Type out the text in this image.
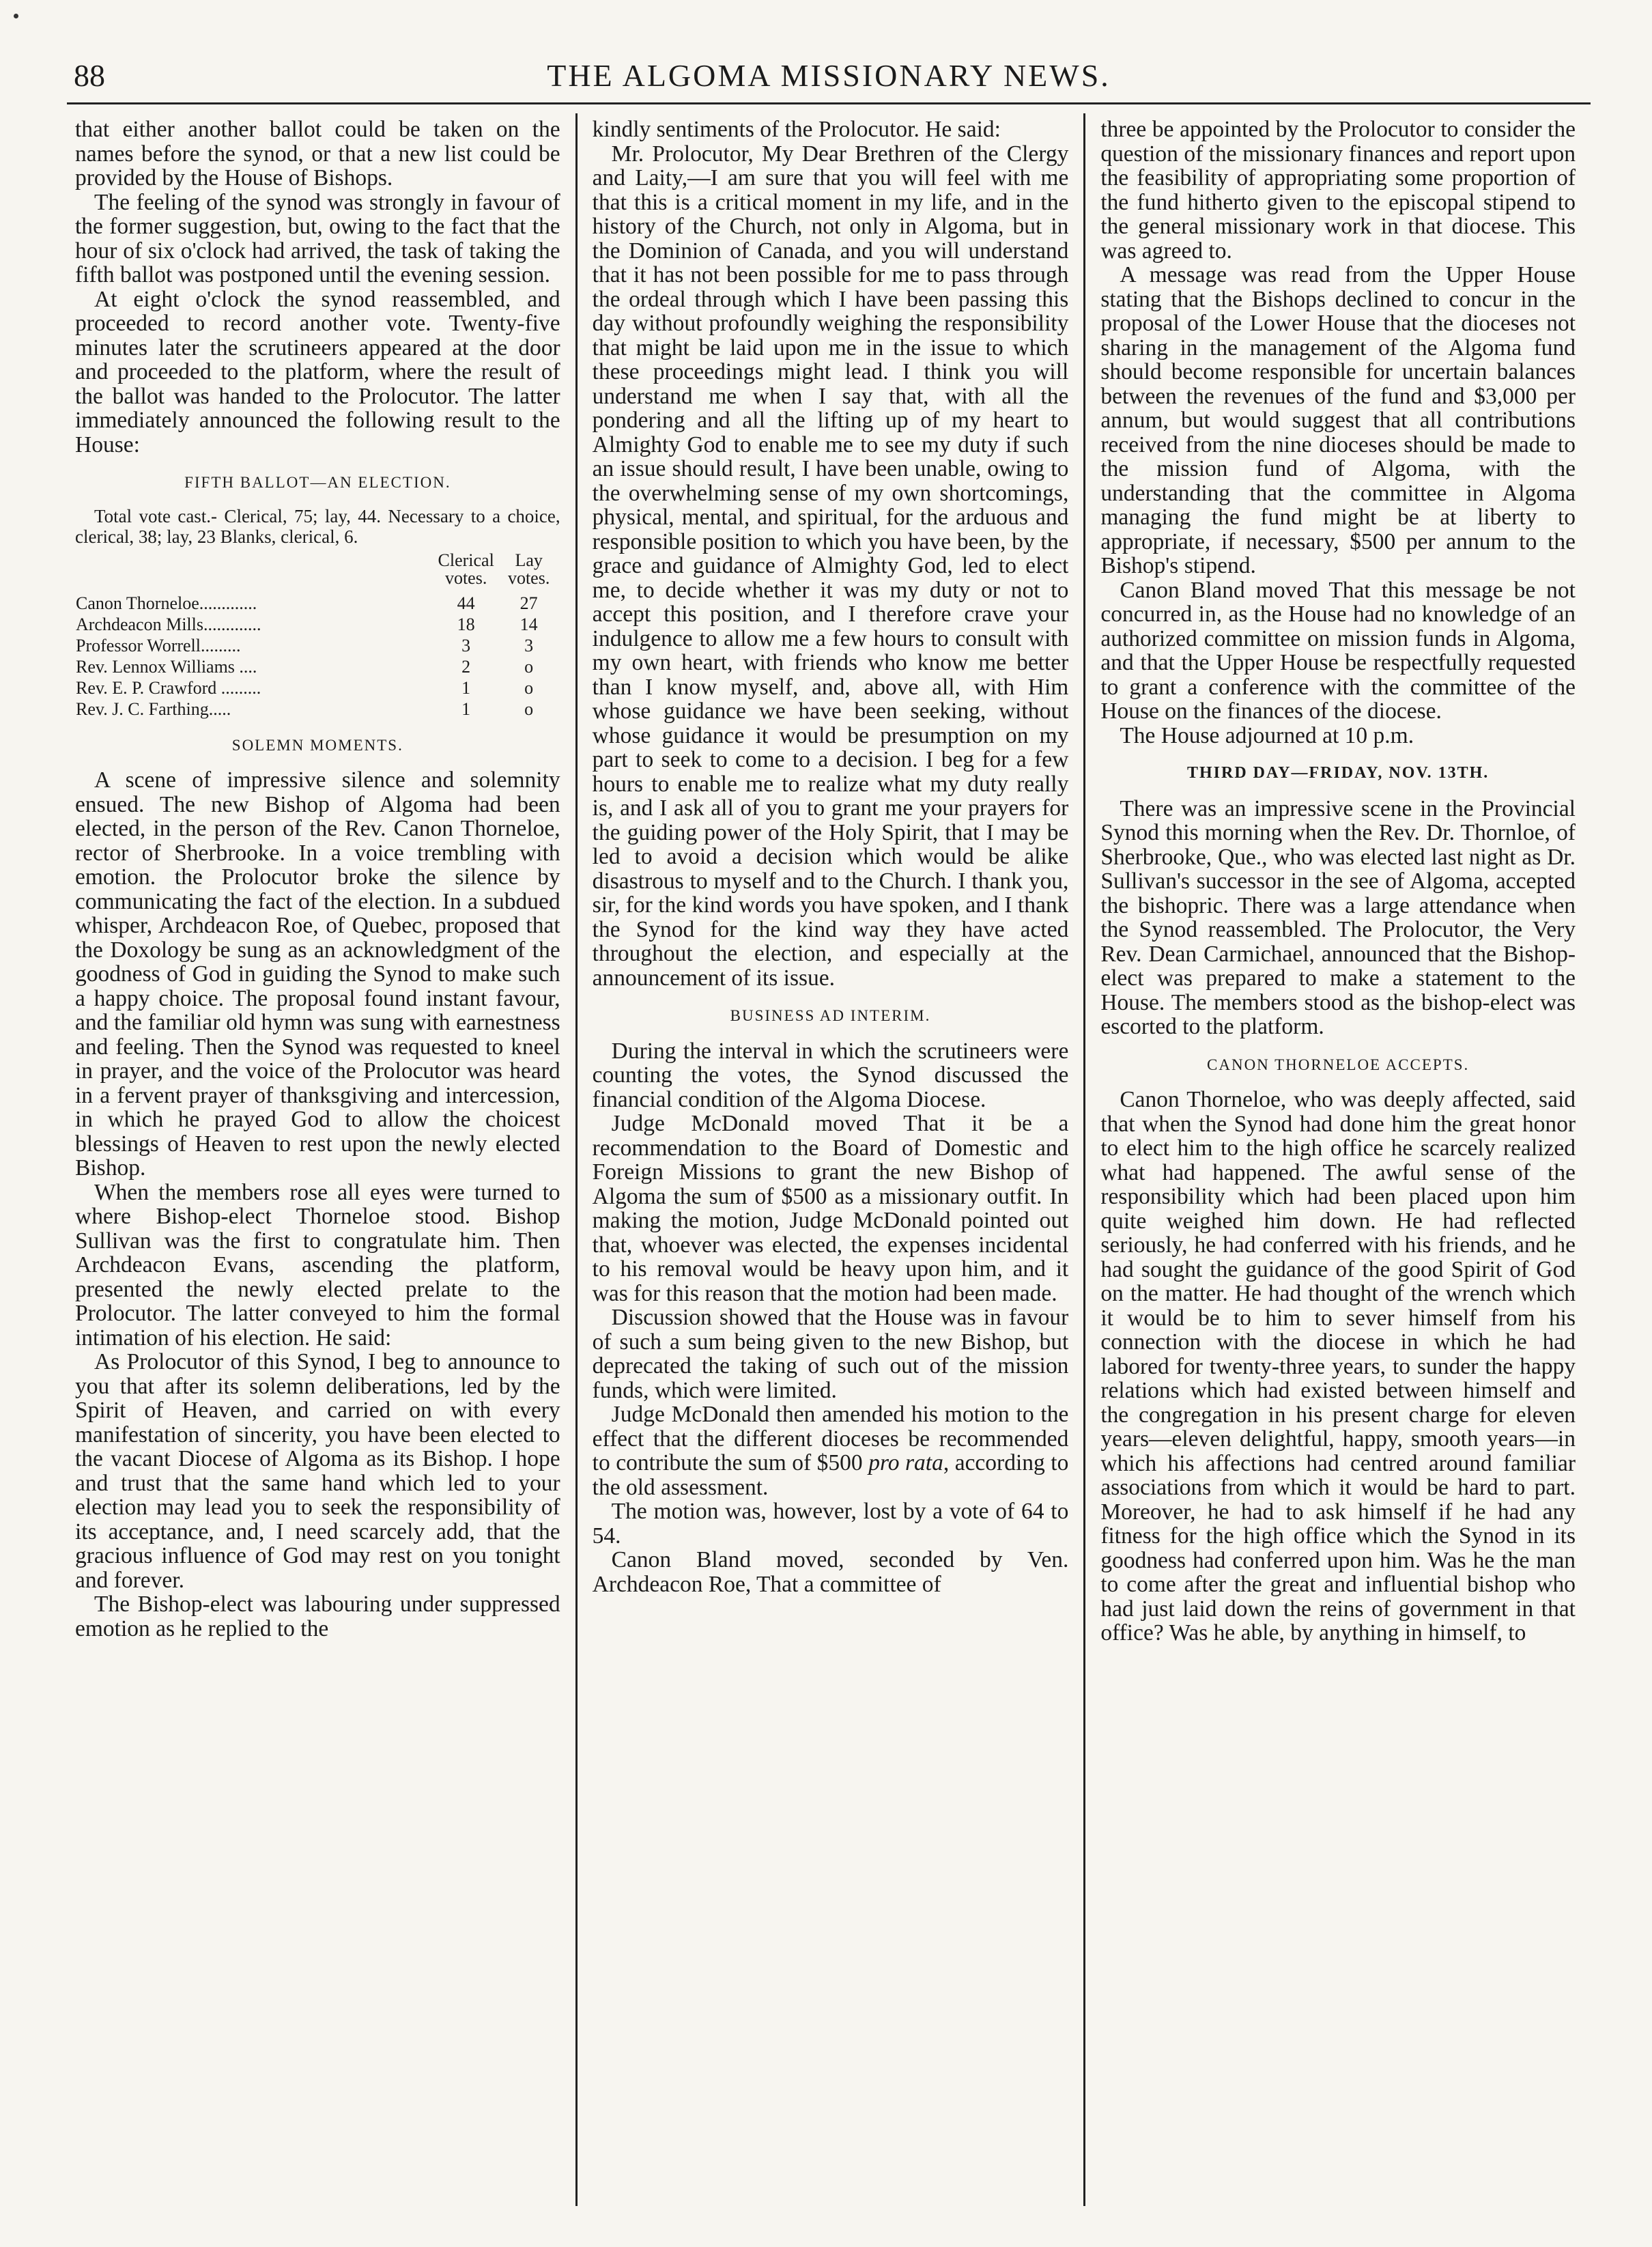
88	THE ALGOMA MISSIONARY NEWS.

that either another ballot could be taken on the names before the synod, or that a new list could be provided by the House of Bishops.

The feeling of the synod was strongly in favour of the former suggestion, but, owing to the fact that the hour of six o'clock had arrived, the task of taking the fifth ballot was postponed until the evening session.

At eight o'clock the synod reassembled, and proceeded to record another vote. Twenty-five minutes later the scrutineers appeared at the door and proceeded to the platform, where the result of the ballot was handed to the Prolocutor. The latter immediately announced the following result to the House:

FIFTH BALLOT—AN ELECTION.

Total vote cast.- Clerical, 75; lay, 44. Necessary to a choice, clerical, 38; lay, 23 Blanks, clerical, 6.

	Clerical votes.	Lay votes.
Canon Thorneloe.............	44	27
Archdeacon Mills.............	18	14
Professor Worrell.........	3	3
Rev. Lennox Williams ....	2	o
Rev. E. P. Crawford .........	1	o
Rev. J. C. Farthing.....	1	o
SOLEMN MOMENTS.

A scene of impressive silence and solemnity ensued. The new Bishop of Algoma had been elected, in the person of the Rev. Canon Thorneloe, rector of Sherbrooke. In a voice trembling with emotion. the Prolocutor broke the silence by communicating the fact of the election. In a subdued whisper, Archdeacon Roe, of Quebec, proposed that the Doxology be sung as an acknowledgment of the goodness of God in guiding the Synod to make such a happy choice. The proposal found instant favour, and the familiar old hymn was sung with earnestness and feeling. Then the Synod was requested to kneel in prayer, and the voice of the Prolocutor was heard in a fervent prayer of thanksgiving and intercession, in which he prayed God to allow the choicest blessings of Heaven to rest upon the newly elected Bishop.

When the members rose all eyes were turned to where Bishop-elect Thorneloe stood. Bishop Sullivan was the first to congratulate him. Then Archdeacon Evans, ascending the platform, presented the newly elected prelate to the Prolocutor. The latter conveyed to him the formal intimation of his election. He said:

As Prolocutor of this Synod, I beg to announce to you that after its solemn deliberations, led by the Spirit of Heaven, and carried on with every manifestation of sincerity, you have been elected to the vacant Diocese of Algoma as its Bishop. I hope and trust that the same hand which led to your election may lead you to seek the responsibility of its acceptance, and, I need scarcely add, that the gracious influence of God may rest on you tonight and forever.

The Bishop-elect was labouring under suppressed emotion as he replied to the

kindly sentiments of the Prolocutor. He said:

Mr. Prolocutor, My Dear Brethren of the Clergy and Laity,—I am sure that you will feel with me that this is a critical moment in my life, and in the history of the Church, not only in Algoma, but in the Dominion of Canada, and you will understand that it has not been possible for me to pass through the ordeal through which I have been passing this day without profoundly weighing the responsibility that might be laid upon me in the issue to which these proceedings might lead. I think you will understand me when I say that, with all the pondering and all the lifting up of my heart to Almighty God to enable me to see my duty if such an issue should result, I have been unable, owing to the overwhelming sense of my own shortcomings, physical, mental, and spiritual, for the arduous and responsible position to which you have been, by the grace and guidance of Almighty God, led to elect me, to decide whether it was my duty or not to accept this position, and I therefore crave your indulgence to allow me a few hours to consult with my own heart, with friends who know me better than I know myself, and, above all, with Him whose guidance we have been seeking, without whose guidance it would be presumption on my part to seek to come to a decision. I beg for a few hours to enable me to realize what my duty really is, and I ask all of you to grant me your prayers for the guiding power of the Holy Spirit, that I may be led to avoid a decision which would be alike disastrous to myself and to the Church. I thank you, sir, for the kind words you have spoken, and I thank the Synod for the kind way they have acted throughout the election, and especially at the announcement of its issue.

BUSINESS AD INTERIM.

During the interval in which the scrutineers were counting the votes, the Synod discussed the financial condition of the Algoma Diocese.

Judge McDonald moved That it be a recommendation to the Board of Domestic and Foreign Missions to grant the new Bishop of Algoma the sum of $500 as a missionary outfit. In making the motion, Judge McDonald pointed out that, whoever was elected, the expenses incidental to his removal would be heavy upon him, and it was for this reason that the motion had been made.

Discussion showed that the House was in favour of such a sum being given to the new Bishop, but deprecated the taking of such out of the mission funds, which were limited.

Judge McDonald then amended his motion to the effect that the different dioceses be recommended to contribute the sum of $500 pro rata, according to the old assessment.

The motion was, however, lost by a vote of 64 to 54.

Canon Bland moved, seconded by Ven. Archdeacon Roe, That a committee of

three be appointed by the Prolocutor to consider the question of the missionary finances and report upon the feasibility of appropriating some proportion of the fund hitherto given to the episcopal stipend to the general missionary work in that diocese. This was agreed to.

A message was read from the Upper House stating that the Bishops declined to concur in the proposal of the Lower House that the dioceses not sharing in the management of the Algoma fund should become responsible for uncertain balances between the revenues of the fund and $3,000 per annum, but would suggest that all contributions received from the nine dioceses should be made to the mission fund of Algoma, with the understanding that the committee in Algoma managing the fund might be at liberty to appropriate, if necessary, $500 per annum to the Bishop's stipend.

Canon Bland moved That this message be not concurred in, as the House had no knowledge of an authorized committee on mission funds in Algoma, and that the Upper House be respectfully requested to grant a conference with the committee of the House on the finances of the diocese.

The House adjourned at 10 p.m.

THIRD DAY—FRIDAY, NOV. 13TH.

There was an impressive scene in the Provincial Synod this morning when the Rev. Dr. Thornloe, of Sherbrooke, Que., who was elected last night as Dr. Sullivan's successor in the see of Algoma, accepted the bishopric. There was a large attendance when the Synod reassembled. The Prolocutor, the Very Rev. Dean Carmichael, announced that the Bishop-elect was prepared to make a statement to the House. The members stood as the bishop-elect was escorted to the platform.

CANON THORNELOE ACCEPTS.

Canon Thorneloe, who was deeply affected, said that when the Synod had done him the great honor to elect him to the high office he scarcely realized what had happened. The awful sense of the responsibility which had been placed upon him quite weighed him down. He had reflected seriously, he had conferred with his friends, and he had sought the guidance of the good Spirit of God on the matter. He had thought of the wrench which it would be to him to sever himself from his connection with the diocese in which he had labored for twenty-three years, to sunder the happy relations which had existed between himself and the congregation in his present charge for eleven years—eleven delightful, happy, smooth years—in which his affections had centred around familiar associations from which it would be hard to part. Moreover, he had to ask himself if he had any fitness for the high office which the Synod in its goodness had conferred upon him. Was he the man to come after the great and influential bishop who had just laid down the reins of government in that office? Was he able, by anything in himself, to
